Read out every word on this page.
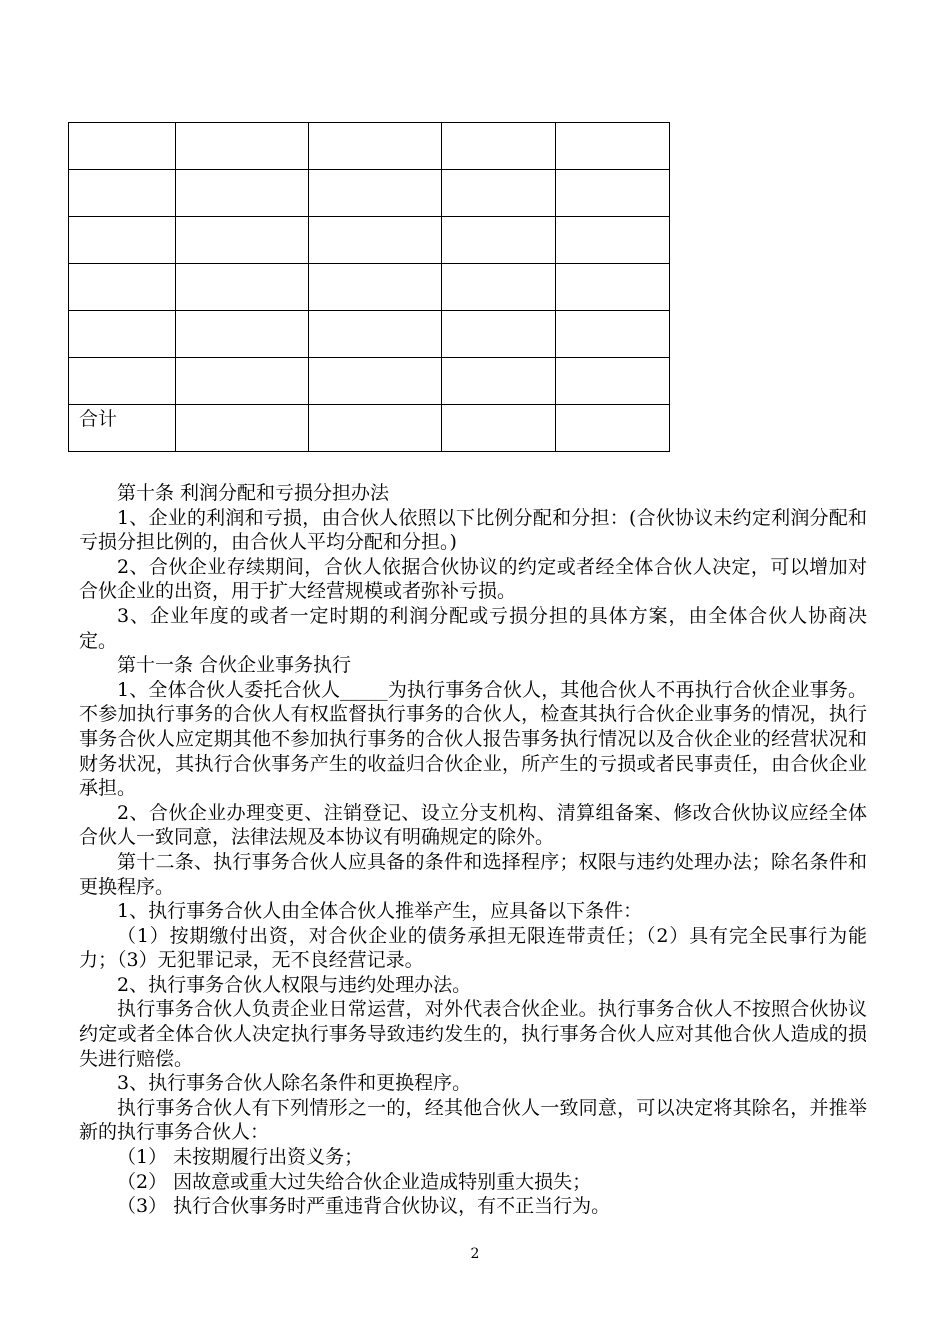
合计				

第十条 利润分配和亏损分担办法

1、企业的利润和亏损，由合伙人依照以下比例分配和分担：(合伙协议未约定利润分配和亏损分担比例的，由合伙人平均分配和分担。)

2、合伙企业存续期间，合伙人依据合伙协议的约定或者经全体合伙人决定，可以增加对合伙企业的出资，用于扩大经营规模或者弥补亏损。

3、企业年度的或者一定时期的利润分配或亏损分担的具体方案，由全体合伙人协商决定。

第十一条 合伙企业事务执行

1、全体合伙人委托合伙人_____为执行事务合伙人，其他合伙人不再执行合伙企业事务。不参加执行事务的合伙人有权监督执行事务的合伙人，检查其执行合伙企业事务的情况，执行事务合伙人应定期其他不参加执行事务的合伙人报告事务执行情况以及合伙企业的经营状况和财务状况，其执行合伙事务产生的收益归合伙企业，所产生的亏损或者民事责任，由合伙企业承担。

2、合伙企业办理变更、注销登记、设立分支机构、清算组备案、修改合伙协议应经全体合伙人一致同意，法律法规及本协议有明确规定的除外。

第十二条、执行事务合伙人应具备的条件和选择程序；权限与违约处理办法；除名条件和更换程序。

1、执行事务合伙人由全体合伙人推举产生，应具备以下条件：

（1）按期缴付出资，对合伙企业的债务承担无限连带责任；（2）具有完全民事行为能力；（3）无犯罪记录，无不良经营记录。

2、执行事务合伙人权限与违约处理办法。

执行事务合伙人负责企业日常运营，对外代表合伙企业。执行事务合伙人不按照合伙协议约定或者全体合伙人决定执行事务导致违约发生的，执行事务合伙人应对其他合伙人造成的损失进行赔偿。

3、执行事务合伙人除名条件和更换程序。

执行事务合伙人有下列情形之一的，经其他合伙人一致同意，可以决定将其除名，并推举新的执行事务合伙人：

（1） 未按期履行出资义务；

（2） 因故意或重大过失给合伙企业造成特别重大损失；

（3） 执行合伙事务时严重违背合伙协议，有不正当行为。

2
